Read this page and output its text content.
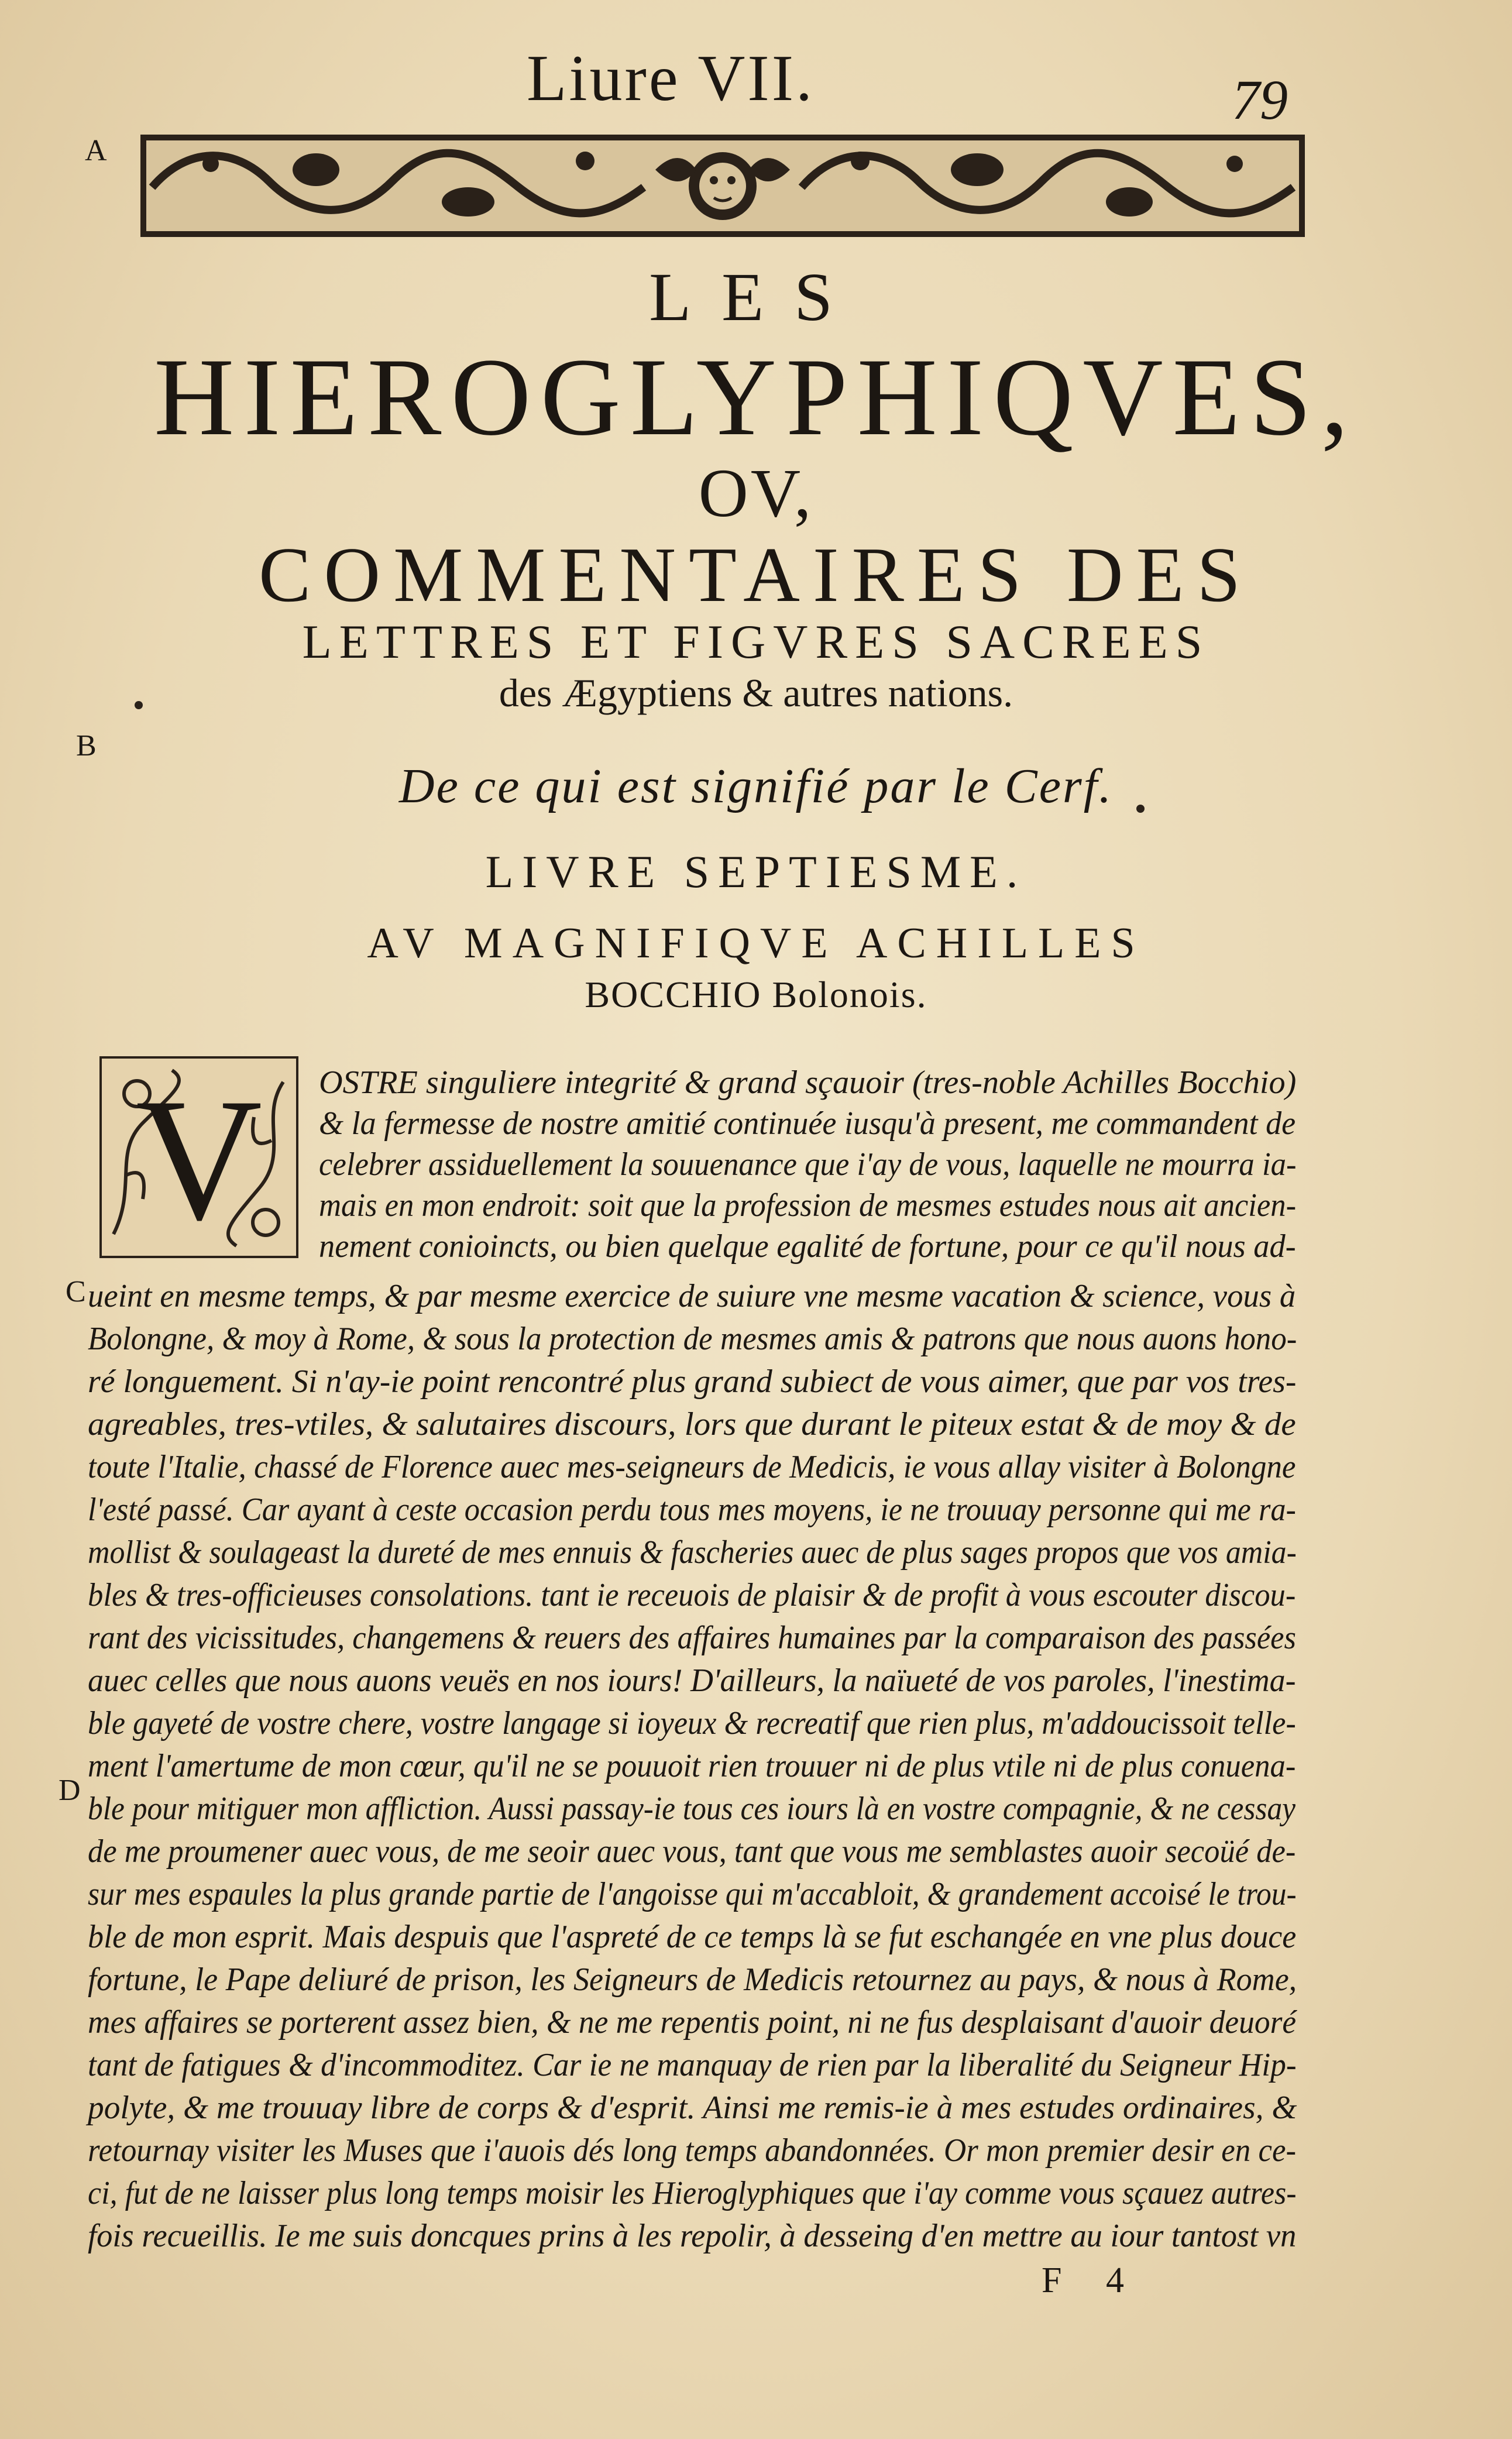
Liure VII.	79
A
B
C
D
LES
HIEROGLYPHIQVES,
OV,
COMMENTAIRES DES
LETTRES ET FIGVRES SACREES
des Ægyptiens & autres nations.
De ce qui est signifié par le Cerf.
LIVRE SEPTIESME.
AV MAGNIFIQVE ACHILLES
BOCCHIO Bolonois.
V	OSTRE singuliere integrité & grand sçauoir (tres-noble Achilles Bocchio)
& la fermesse de nostre amitié continuée iusqu'à present, me commandent de
celebrer assiduellement la souuenance que i'ay de vous, laquelle ne mourra ia-
mais en mon endroit: soit que la profession de mesmes estudes nous ait ancien-
nement conioincts, ou bien quelque egalité de fortune, pour ce qu'il nous ad-
ueint en mesme temps, & par mesme exercice de suiure vne mesme vacation & science, vous à
Bolongne, & moy à Rome, & sous la protection de mesmes amis & patrons que nous auons hono-
ré longuement. Si n'ay-ie point rencontré plus grand subiect de vous aimer, que par vos tres-
agreables, tres-vtiles, & salutaires discours, lors que durant le piteux estat & de moy & de
toute l'Italie, chassé de Florence auec mes-seigneurs de Medicis, ie vous allay visiter à Bolongne
l'esté passé. Car ayant à ceste occasion perdu tous mes moyens, ie ne trouuay personne qui me ra-
mollist & soulageast la dureté de mes ennuis & fascheries auec de plus sages propos que vos amia-
bles & tres-officieuses consolations. tant ie receuois de plaisir & de profit à vous escouter discou-
rant des vicissitudes, changemens & reuers des affaires humaines par la comparaison des passées
auec celles que nous auons veuës en nos iours! D'ailleurs, la naïueté de vos paroles, l'inestima-
ble gayeté de vostre chere, vostre langage si ioyeux & recreatif que rien plus, m'addoucissoit telle-
ment l'amertume de mon cœur, qu'il ne se pouuoit rien trouuer ni de plus vtile ni de plus conuena-
ble pour mitiguer mon affliction. Aussi passay-ie tous ces iours là en vostre compagnie, & ne cessay
de me proumener auec vous, de me seoir auec vous, tant que vous me semblastes auoir secoüé de-
sur mes espaules la plus grande partie de l'angoisse qui m'accabloit, & grandement accoisé le trou-
ble de mon esprit. Mais despuis que l'aspreté de ce temps là se fut eschangée en vne plus douce
fortune, le Pape deliuré de prison, les Seigneurs de Medicis retournez au pays, & nous à Rome,
mes affaires se porterent assez bien, & ne me repentis point, ni ne fus desplaisant d'auoir deuoré
tant de fatigues & d'incommoditez. Car ie ne manquay de rien par la liberalité du Seigneur Hip-
polyte, & me trouuay libre de corps & d'esprit. Ainsi me remis-ie à mes estudes ordinaires, &
retournay visiter les Muses que i'auois dés long temps abandonnées. Or mon premier desir en ce-
ci, fut de ne laisser plus long temps moisir les Hieroglyphiques que i'ay comme vous sçauez autres-
fois recueillis. Ie me suis doncques prins à les repolir, à desseing d'en mettre au iour tantost vn
F 4
